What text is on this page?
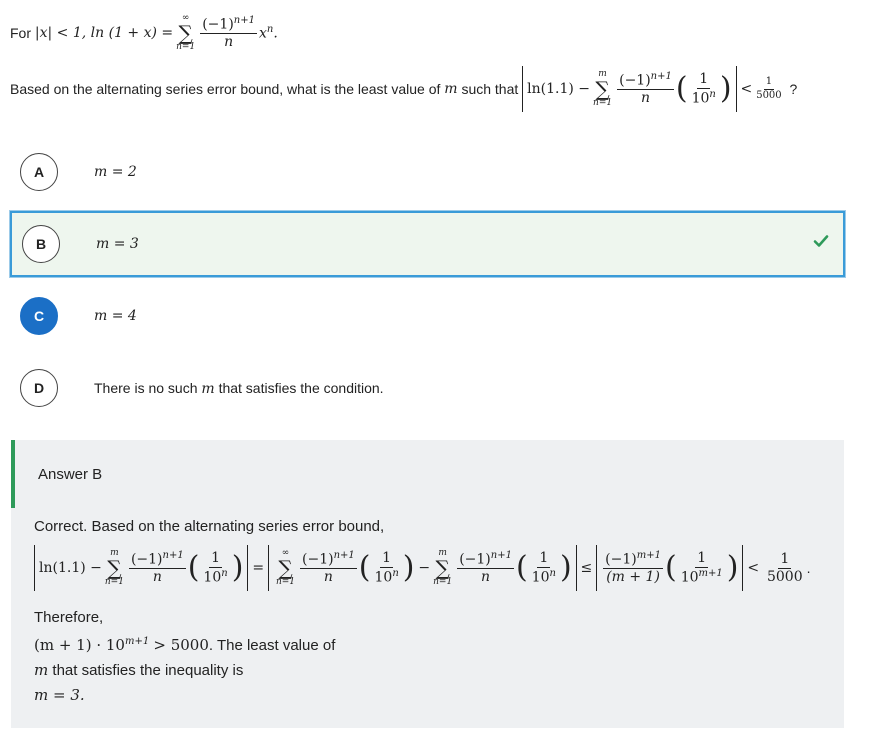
For
|x| < 1, ln (1 + x) =
∞
∑
$n=1 \frac{(-1)^{n+1}}{n} x^n$.
Based on the alternating series error bound, what is the least value of
m
such that
ln(1.1) −
m
∑
$n=1 \frac{(-1)^{n+1}}{n}$ ( $\frac{1}{10^n}$ )
< $\frac{1}{5000}$
?
A	m = 2
B	m = 3
C	m = 4
D	There is no such m that satisfies the condition.
Answer B
Correct. Based on the alternating series error bound,
ln(1.1) −
m
∑
$n=1 \frac{(-1)^{n+1}}{n}$ ( $\frac{1}{10^n}$ )
=

∞
∑
$n=1 \frac{(-1)^{n+1}}{n}$ ( $\frac{1}{10^n}$ )
−
m
∑
$n=1 \frac{(-1)^{n+1}}{n}$ ( $\frac{1}{10^n}$ )
≤
$\frac{(-1)^{m+1}}{(m + 1)}$ ( $\frac{1}{10^{m+1}}$ )
<
$\frac{1}{5000}$ .
Therefore,
$(m + 1) \cdot 10^{m+1} > 5000$. The least value of
m that satisfies the inequality is
m = 3.
